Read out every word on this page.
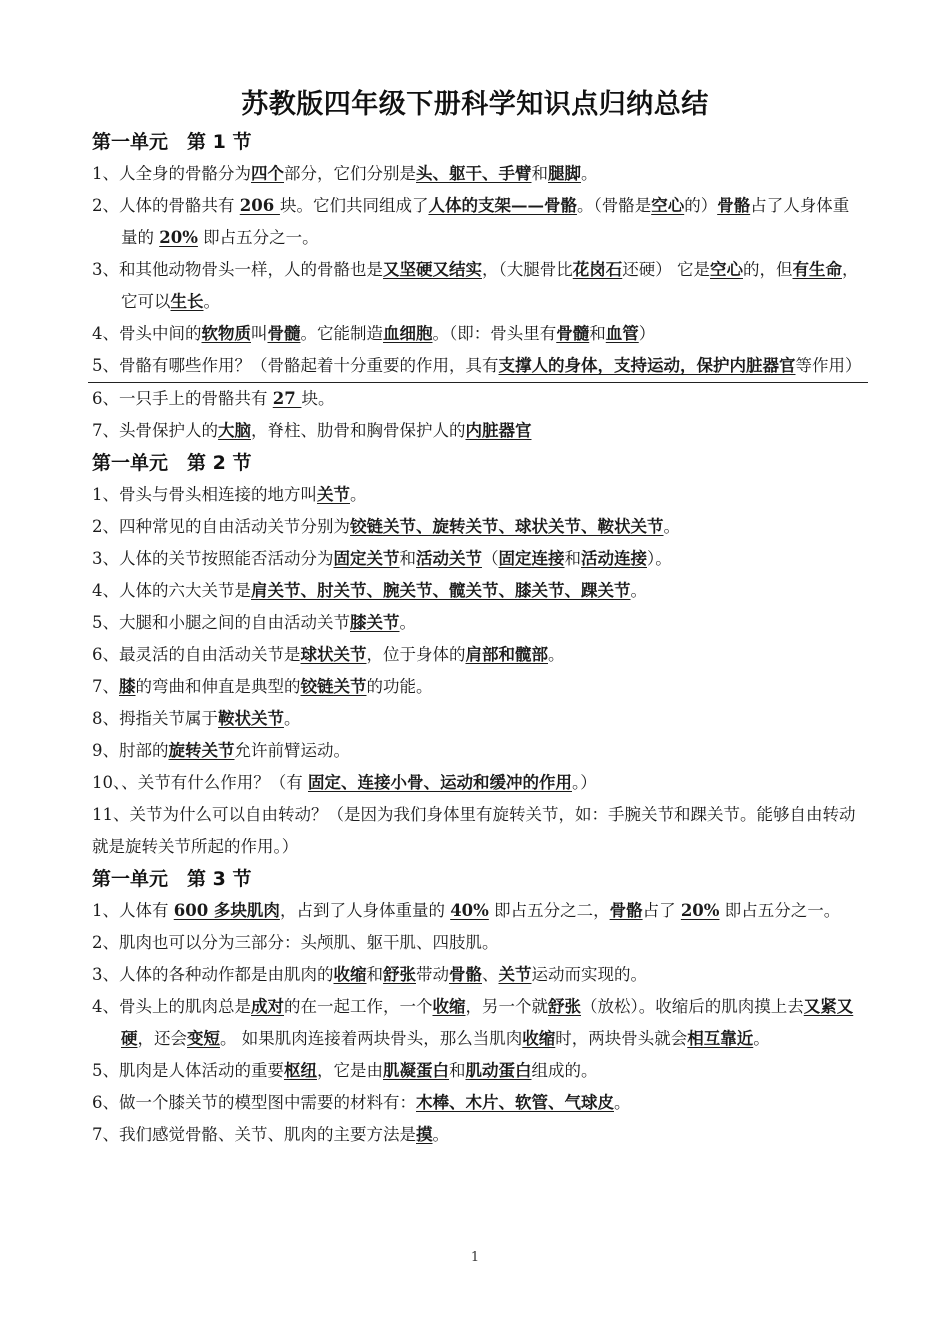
苏教版四年级下册科学知识点归纳总结
第一单元　第 1 节
1、人全身的骨骼分为四个部分，它们分别是头、躯干、手臂和腿脚。
2、人体的骨骼共有 206 块。它们共同组成了人体的支架——骨骼。（骨骼是空心的）骨骼占了人身体重量的 20% 即占五分之一。
3、和其他动物骨头一样，人的骨骼也是又坚硬又结实，（大腿骨比花岗石还硬） 它是空心的，但有生命，它可以生长。
4、骨头中间的软物质叫骨髓。它能制造血细胞。（即：骨头里有骨髓和血管）
5、骨骼有哪些作用？（骨骼起着十分重要的作用，具有支撑人的身体，支持运动，保护内脏器官等作用）
6、一只手上的骨骼共有 27 块。
7、头骨保护人的大脑，脊柱、肋骨和胸骨保护人的内脏器官
第一单元　第 2 节
1、骨头与骨头相连接的地方叫关节。
2、四种常见的自由活动关节分别为铰链关节、旋转关节、球状关节、鞍状关节。
3、人体的关节按照能否活动分为固定关节和活动关节（固定连接和活动连接）。
4、人体的六大关节是肩关节、肘关节、腕关节、髋关节、膝关节、踝关节。
5、大腿和小腿之间的自由活动关节膝关节。
6、最灵活的自由活动关节是球状关节，位于身体的肩部和髋部。
7、膝的弯曲和伸直是典型的铰链关节的功能。
8、拇指关节属于鞍状关节。
9、肘部的旋转关节允许前臂运动。
10、、关节有什么作用？（有 固定、连接小骨、运动和缓冲的作用。）
11、关节为什么可以自由转动？（是因为我们身体里有旋转关节，如：手腕关节和踝关节。能够自由转动就是旋转关节所起的作用。）
第一单元　第 3 节
1、人体有 600 多块肌肉，占到了人身体重量的 40% 即占五分之二，骨骼占了 20% 即占五分之一。
2、肌肉也可以分为三部分：头颅肌、躯干肌、四肢肌。
3、人体的各种动作都是由肌肉的收缩和舒张带动骨骼、关节运动而实现的。
4、骨头上的肌肉总是成对的在一起工作，一个收缩，另一个就舒张（放松）。收缩后的肌肉摸上去又紧又硬，还会变短。 如果肌肉连接着两块骨头，那么当肌肉收缩时，两块骨头就会相互靠近。
5、肌肉是人体活动的重要枢纽，它是由肌凝蛋白和肌动蛋白组成的。
6、做一个膝关节的模型图中需要的材料有：木棒、木片、软管、气球皮。
7、我们感觉骨骼、关节、肌肉的主要方法是摸。
1
